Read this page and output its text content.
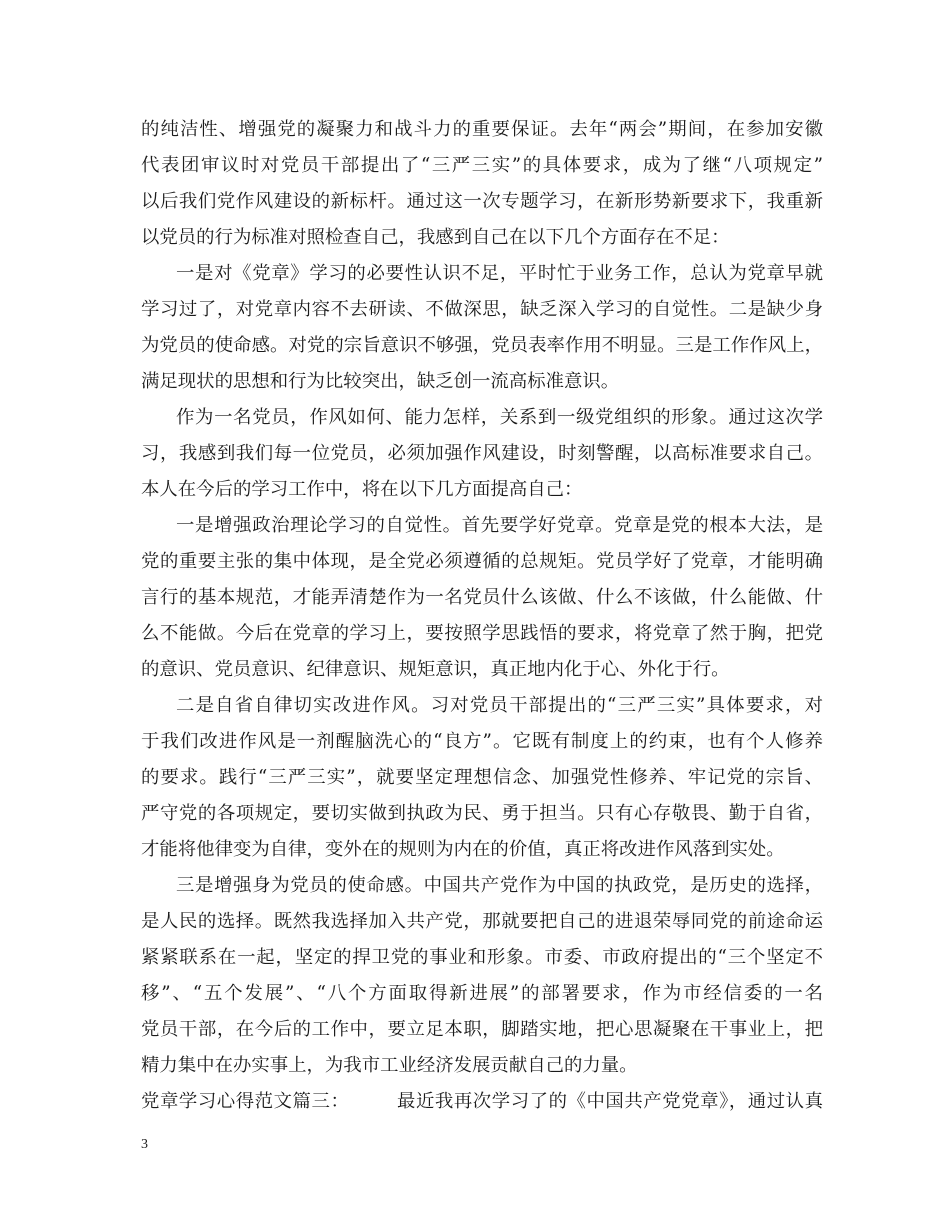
的纯洁性、增强党的凝聚力和战斗力的重要保证。去年“两会”期间，在参加安徽
代表团审议时对党员干部提出了“三严三实”的具体要求，成为了继“八项规定”
以后我们党作风建设的新标杆。通过这一次专题学习，在新形势新要求下，我重新
以党员的行为标准对照检查自己，我感到自己在以下几个方面存在不足：
一是对《党章》学习的必要性认识不足，平时忙于业务工作，总认为党章早就
学习过了，对党章内容不去研读、不做深思，缺乏深入学习的自觉性。二是缺少身
为党员的使命感。对党的宗旨意识不够强，党员表率作用不明显。三是工作作风上，
满足现状的思想和行为比较突出，缺乏创一流高标准意识。
作为一名党员，作风如何、能力怎样，关系到一级党组织的形象。通过这次学
习，我感到我们每一位党员，必须加强作风建设，时刻警醒，以高标准要求自己。
本人在今后的学习工作中，将在以下几方面提高自己：
一是增强政治理论学习的自觉性。首先要学好党章。党章是党的根本大法，是
党的重要主张的集中体现，是全党必须遵循的总规矩。党员学好了党章，才能明确
言行的基本规范，才能弄清楚作为一名党员什么该做、什么不该做，什么能做、什
么不能做。今后在党章的学习上，要按照学思践悟的要求，将党章了然于胸，把党
的意识、党员意识、纪律意识、规矩意识，真正地内化于心、外化于行。
二是自省自律切实改进作风。习对党员干部提出的“三严三实”具体要求，对
于我们改进作风是一剂醒脑洗心的“良方”。它既有制度上的约束，也有个人修养
的要求。践行“三严三实”，就要坚定理想信念、加强党性修养、牢记党的宗旨、
严守党的各项规定，要切实做到执政为民、勇于担当。只有心存敬畏、勤于自省，
才能将他律变为自律，变外在的规则为内在的价值，真正将改进作风落到实处。
三是增强身为党员的使命感。中国共产党作为中国的执政党，是历史的选择，
是人民的选择。既然我选择加入共产党，那就要把自己的进退荣辱同党的前途命运
紧紧联系在一起，坚定的捍卫党的事业和形象。市委、市政府提出的“三个坚定不
移”、“五个发展”、“八个方面取得新进展”的部署要求，作为市经信委的一名
党员干部，在今后的工作中，要立足本职，脚踏实地，把心思凝聚在干事业上，把
精力集中在办实事上，为我市工业经济发展贡献自己的力量。
党章学习心得范文篇三：　　　最近我再次学习了的《中国共产党党章》，通过认真
3
